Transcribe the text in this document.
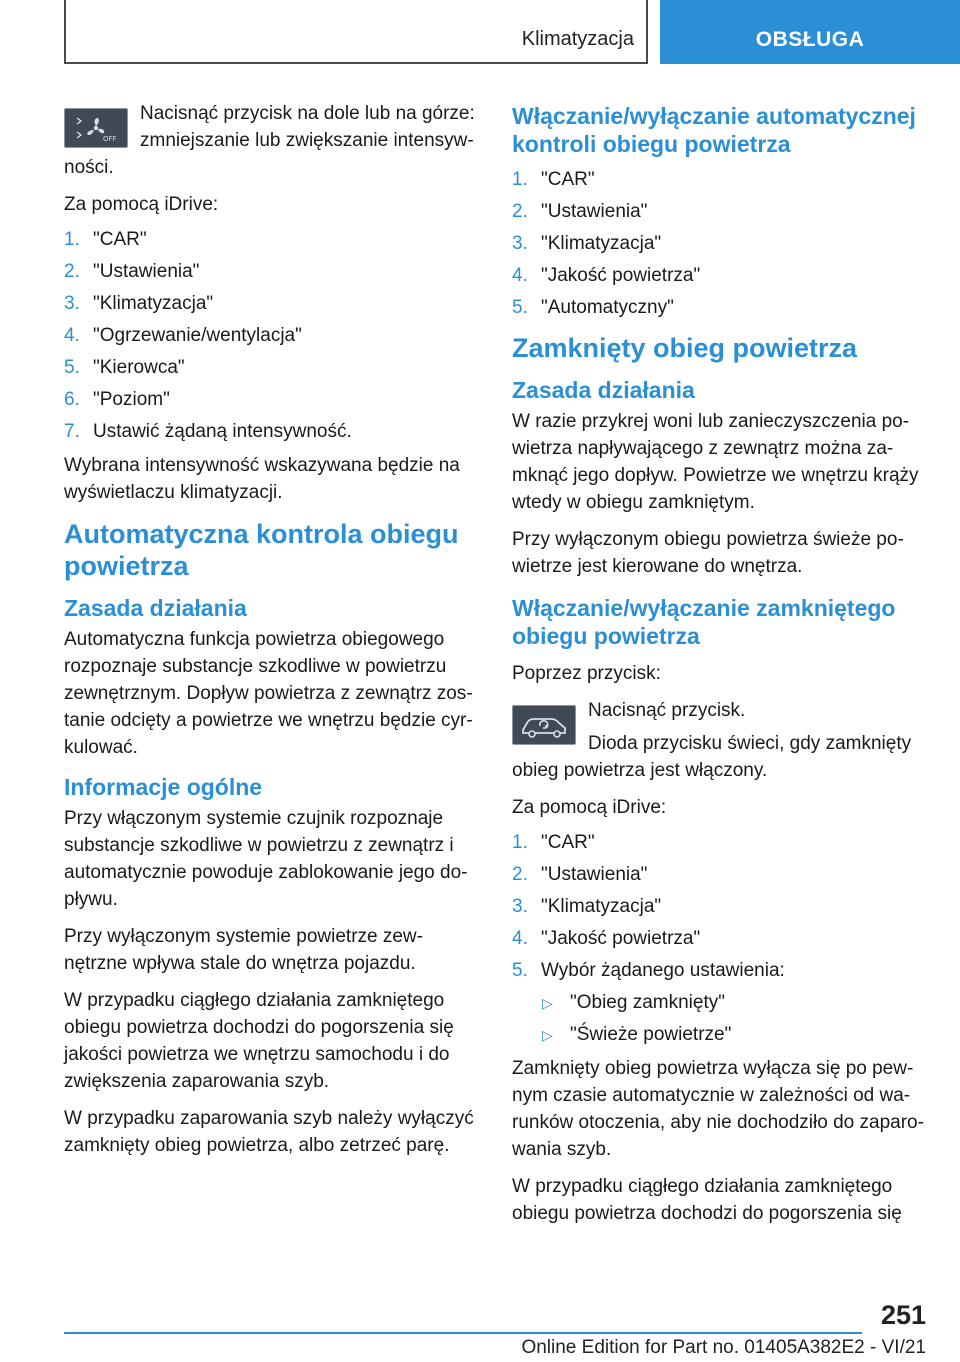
Klimatyzacja	OBSŁUGA
OFF

Nacisnąć przycisk na dole lub na górze: zmniejszanie lub zwiększanie intensywności.

Za pomocą iDrive:

1. "CAR"
2. "Ustawienia"
3. "Klimatyzacja"
4. "Ogrzewanie/wentylacja"
5. "Kierowca"
6. "Poziom"
7. Ustawić żądaną intensywność.

Wybrana intensywność wskazywana będzie na wyświetlaczu klimatyzacji.

Automatyczna kontrola obiegu powietrza
Zasada działania

Automatyczna funkcja powietrza obiegowego rozpoznaje substancje szkodliwe w powietrzu zewnętrznym. Dopływ powietrza z zewnątrz zostanie odcięty a powietrze we wnętrzu będzie cyrkulować.

Informacje ogólne

Przy włączonym systemie czujnik rozpoznaje substancje szkodliwe w powietrzu z zewnątrz i automatycznie powoduje zablokowanie jego dopływu.

Przy wyłączonym systemie powietrze zewnętrzne wpływa stale do wnętrza pojazdu.

W przypadku ciągłego działania zamkniętego obiegu powietrza dochodzi do pogorszenia się jakości powietrza we wnętrzu samochodu i do zwiększenia zaparowania szyb.

W przypadku zaparowania szyb należy wyłączyć zamknięty obieg powietrza, albo zetrzeć parę.

Włączanie/wyłączanie automatycznej kontroli obiegu powietrza
1. "CAR"
2. "Ustawienia"
3. "Klimatyzacja"
4. "Jakość powietrza"
5. "Automatyczny"
Zamknięty obieg powietrza
Zasada działania

W razie przykrej woni lub zanieczyszczenia powietrza napływającego z zewnątrz można zamknąć jego dopływ. Powietrze we wnętrzu krąży wtedy w obiegu zamkniętym.

Przy wyłączonym obiegu powietrza świeże powietrze jest kierowane do wnętrza.

Włączanie/wyłączanie zamkniętego obiegu powietrza

Poprzez przycisk:

Nacisnąć przycisk.

Dioda przycisku świeci, gdy zamknięty obieg powietrza jest włączony.

Za pomocą iDrive:

1. "CAR"
2. "Ustawienia"
3. "Klimatyzacja"
4. "Jakość powietrza"
5. Wybór żądanego ustawienia:
▷ "Obieg zamknięty"
▷ "Świeże powietrze"

Zamknięty obieg powietrza wyłącza się po pewnym czasie automatycznie w zależności od warunków otoczenia, aby nie dochodziło do zaparowania szyb.

W przypadku ciągłego działania zamkniętego obiegu powietrza dochodzi do pogorszenia się

251
Online Edition for Part no. 01405A382E2 - VI/21
